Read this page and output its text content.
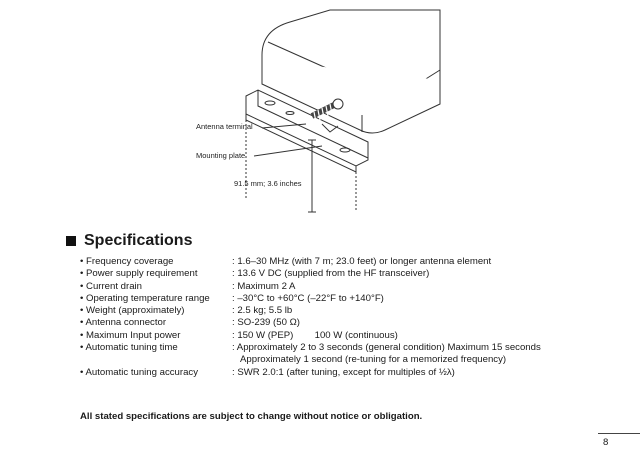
Antenna terminal
Mounting plate
91.5 mm; 3.6 inches
Specifications
• Frequency coverage	: 1.6–30 MHz (with 7 m; 23.0 feet) or longer antenna element
• Power supply requirement	: 13.6 V DC (supplied from the HF transceiver)
• Current drain	: Maximum 2 A
• Operating temperature range	: –30°C to +60°C (–22°F to +140°F)
• Weight (approximately)	: 2.5 kg; 5.5 lb
• Antenna connector	: SO-239 (50 Ω)
• Maximum Input power	: 150 W (PEP)        100 W (continuous)
• Automatic tuning time	: Approximately 2 to 3 seconds (general condition) Maximum 15 seconds
Approximately 1 second (re-tuning for a memorized frequency)
• Automatic tuning accuracy	: SWR 2.0:1 (after tuning, except for multiples of ½λ)
All stated specifications are subject to change without notice or obligation.
8
